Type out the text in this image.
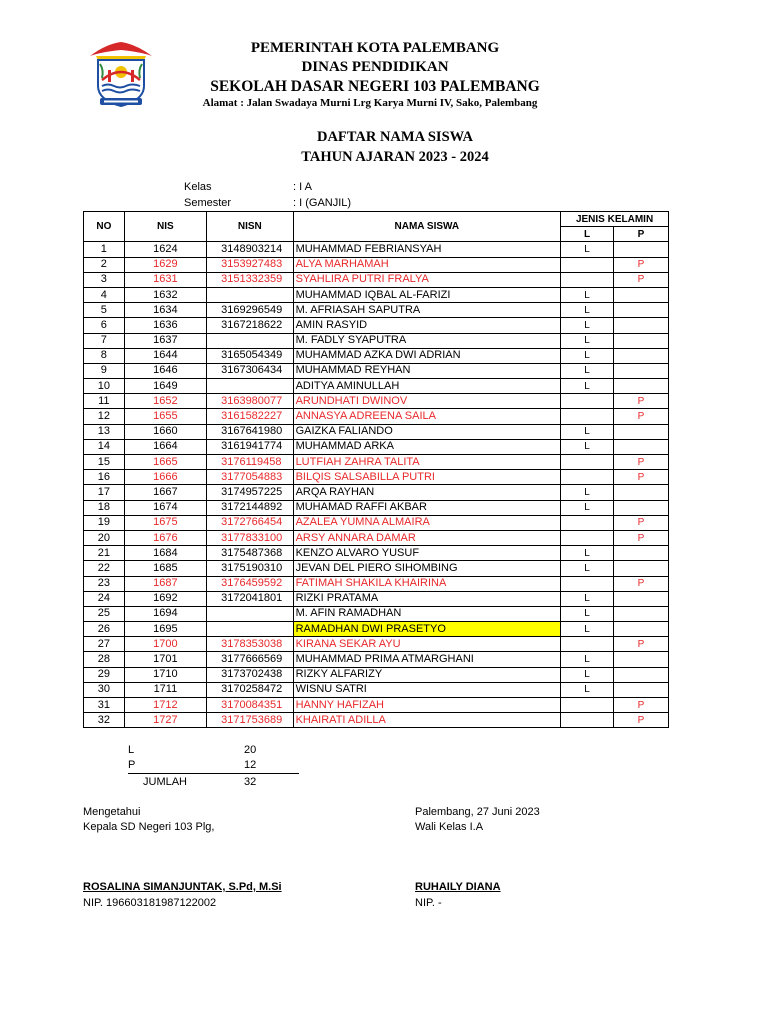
PEMERINTAH KOTA PALEMBANG
DINAS PENDIDIKAN
SEKOLAH DASAR NEGERI 103 PALEMBANG
Alamat : Jalan Swadaya Murni Lrg Karya Murni IV, Sako, Palembang
DAFTAR NAMA SISWA
TAHUN AJARAN 2023 - 2024
Kelas	: I A
Semester	: I (GANJIL)
NO	NIS	NISN	NAMA SISWA	JENIS KELAMIN	
				L	P
1	1624	3148903214	MUHAMMAD FEBRIANSYAH	L	
2	1629	3153927483	ALYA MARHAMAH		P
3	1631	3151332359	SYAHLIRA PUTRI FRALYA		P
4	1632		MUHAMMAD IQBAL AL-FARIZI	L	
5	1634	3169296549	M. AFRIASAH SAPUTRA	L	
6	1636	3167218622	AMIN RASYID	L	
7	1637		M. FADLY SYAPUTRA	L	
8	1644	3165054349	MUHAMMAD AZKA DWI ADRIAN	L	
9	1646	3167306434	MUHAMMAD REYHAN	L	
10	1649		ADITYA AMINULLAH	L	
11	1652	3163980077	ARUNDHATI DWINOV		P
12	1655	3161582227	ANNASYA ADREENA SAILA		P
13	1660	3167641980	GAIZKA FALIANDO	L	
14	1664	3161941774	MUHAMMAD ARKA	L	
15	1665	3176119458	LUTFIAH ZAHRA TALITA		P
16	1666	3177054883	BILQIS SALSABILLA PUTRI		P
17	1667	3174957225	ARQA RAYHAN	L	
18	1674	3172144892	MUHAMAD RAFFI AKBAR	L	
19	1675	3172766454	AZALEA YUMNA ALMAIRA		P
20	1676	3177833100	ARSY ANNARA DAMAR		P
21	1684	3175487368	KENZO ALVARO YUSUF	L	
22	1685	3175190310	JEVAN DEL PIERO SIHOMBING	L	
23	1687	3176459592	FATIMAH SHAKILA KHAIRINA		P
24	1692	3172041801	RIZKI PRATAMA	L	
25	1694		M. AFIN RAMADHAN	L	
26	1695		RAMADHAN DWI PRASETYO	L	
27	1700	3178353038	KIRANA SEKAR AYU		P
28	1701	3177666569	MUHAMMAD PRIMA ATMARGHANI	L	
29	1710	3173702438	RIZKY ALFARIZY	L	
30	1711	3170258472	WISNU SATRI	L	
31	1712	3170084351	HANNY HAFIZAH		P
32	1727	3171753689	KHAIRATI ADILLA		P
L	20
P	12
JUMLAH	32
Mengetahui
Kepala SD Negeri 103 Plg,
ROSALINA SIMANJUNTAK, S.Pd, M.Si
NIP. 196603181987122002
Palembang, 27 Juni 2023
Wali Kelas I.A
RUHAILY DIANA
NIP. -
